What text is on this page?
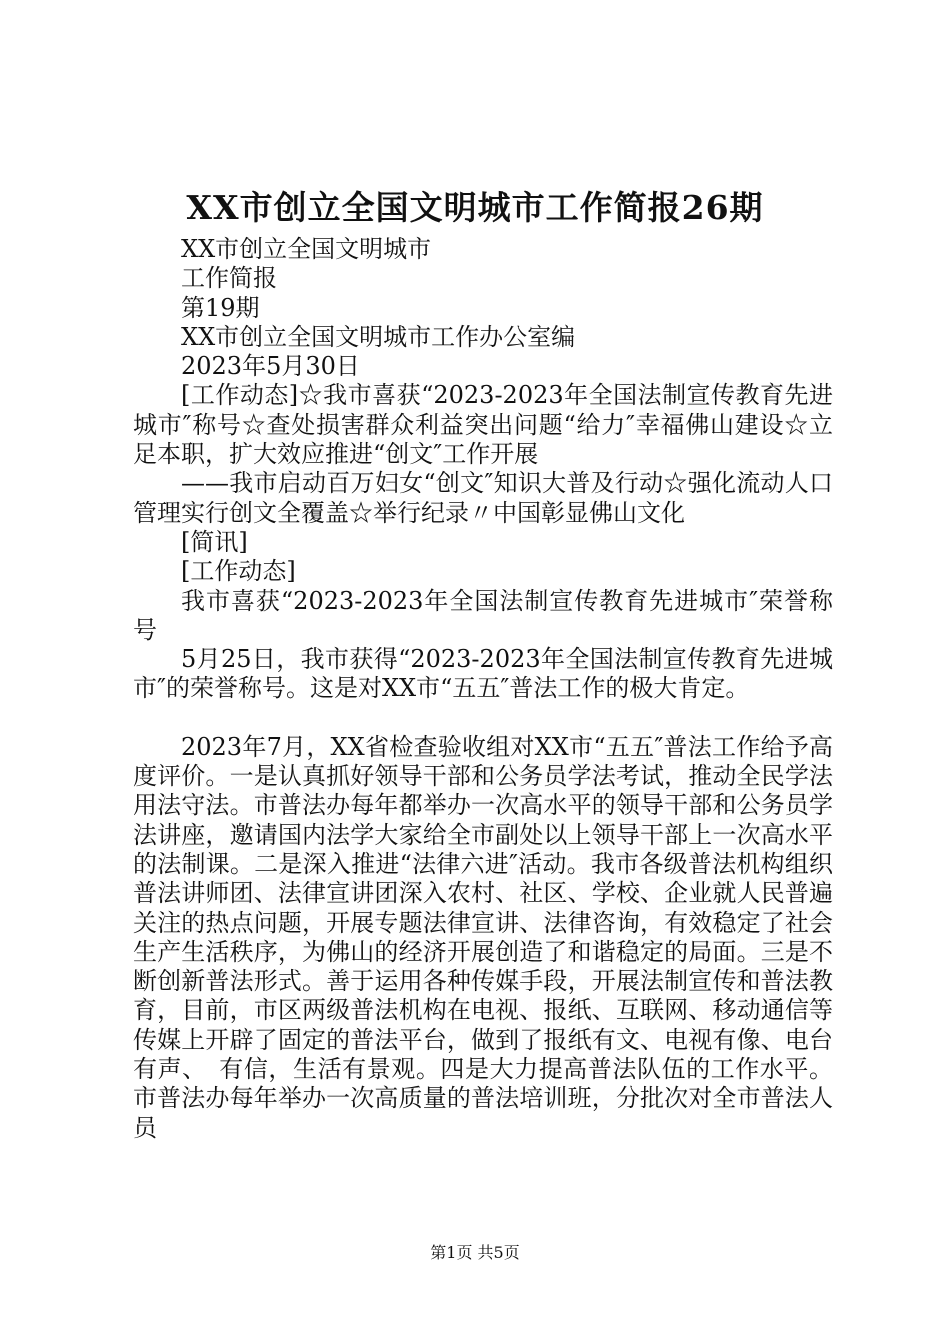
XX市创立全国文明城市工作简报26期

XX市创立全国文明城市

工作简报

第19期

XX市创立全国文明城市工作办公室编

2023年5月30日

[工作动态]☆我市喜获“2023-2023年全国法制宣传教育先进城市″称号☆查处损害群众利益突出问题“给力″幸福佛山建设☆立足本职，扩大效应推进“创文″工作开展

——我市启动百万妇女“创文″知识大普及行动☆强化流动人口管理实行创文全覆盖☆举行纪录〃中国彰显佛山文化

[简讯]

[工作动态]

我市喜获“2023-2023年全国法制宣传教育先进城市″荣誉称号

5月25日，我市获得“2023-2023年全国法制宣传教育先进城市″的荣誉称号。这是对XX市“五五″普法工作的极大肯定。

2023年7月，XX省检查验收组对XX市“五五″普法工作给予高度评价。一是认真抓好领导干部和公务员学法考试，推动全民学法用法守法。市普法办每年都举办一次高水平的领导干部和公务员学法讲座，邀请国内法学大家给全市副处以上领导干部上一次高水平的法制课。二是深入推进“法律六进″活动。我市各级普法机构组织普法讲师团、法律宣讲团深入农村、社区、学校、企业就人民普遍关注的热点问题，开展专题法律宣讲、法律咨询，有效稳定了社会生产生活秩序，为佛山的经济开展创造了和谐稳定的局面。三是不断创新普法形式。善于运用各种传媒手段，开展法制宣传和普法教育，目前，市区两级普法机构在电视、报纸、互联网、移动通信等传媒上开辟了固定的普法平台，做到了报纸有文、电视有像、电台有声、　有信，生活有景观。四是大力提高普法队伍的工作水平。市普法办每年举办一次高质量的普法培训班，分批次对全市普法人员

第1页 共5页
